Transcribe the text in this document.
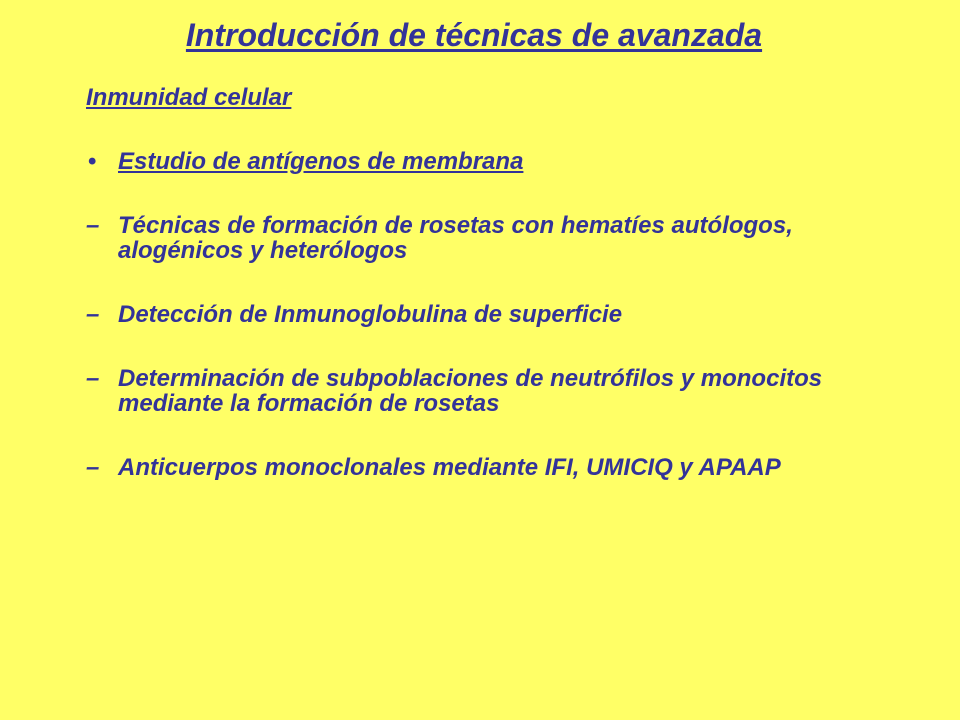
Introducción de técnicas de avanzada
Inmunidad celular
• Estudio de antígenos de membrana
– Técnicas de formación de rosetas con hematíes autólogos, alogénicos y heterólogos
– Detección de Inmunoglobulina de superficie
– Determinación de subpoblaciones de neutrófilos y monocitos mediante la formación de rosetas
– Anticuerpos monoclonales mediante IFI, UMICIQ y APAAP
